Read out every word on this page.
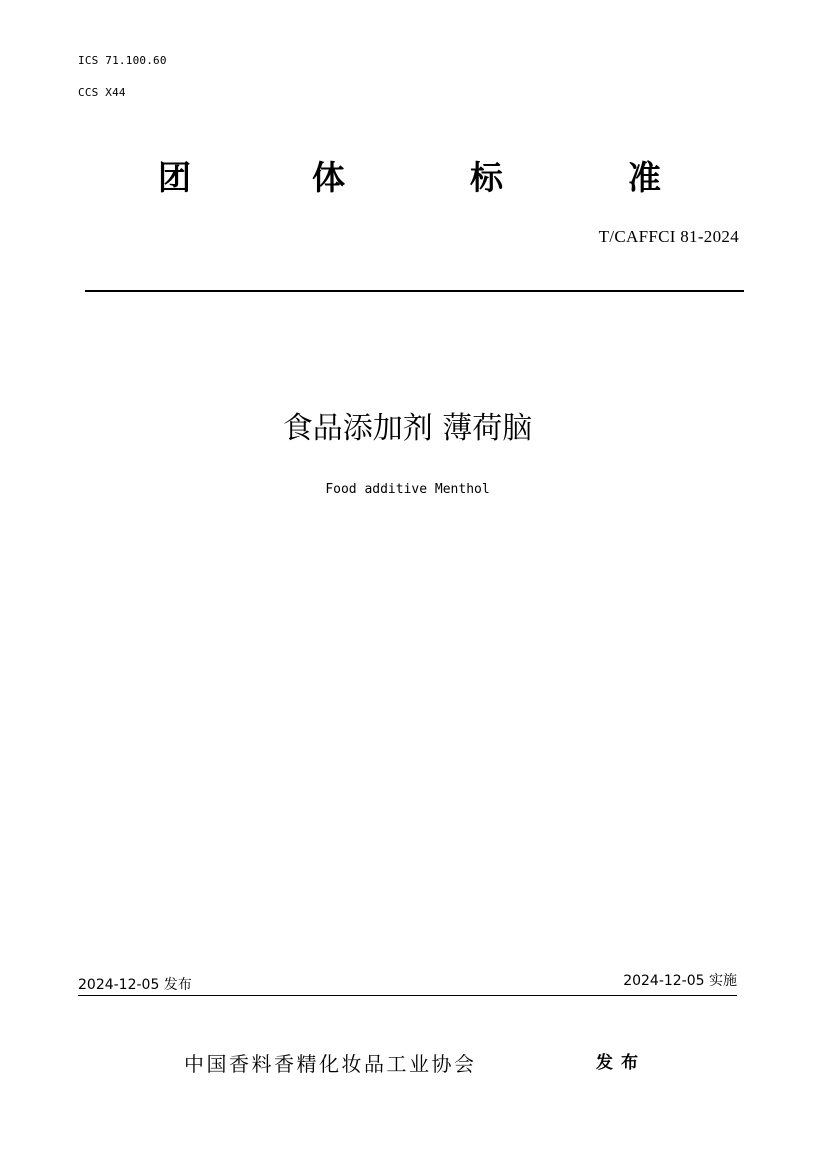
ICS 71.100.60
CCS X44
团	体	标	准
T/CAFFCI 81-2024
食品添加剂 薄荷脑
Food additive Menthol
2024-12-05 发布	2024-12-05 实施
中国香料香精化妆品工业协会	发布
